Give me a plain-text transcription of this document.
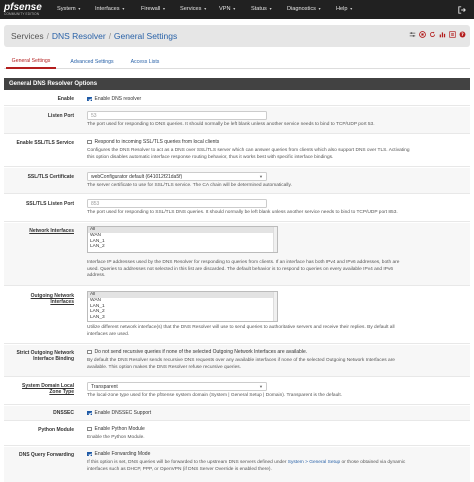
pfsense
COMMUNITY EDITION
System ▼ Interfaces ▼	Firewall ▼	Services ▼ VPN ▼	Status ▼	Diagnostics ▼	Help ▼
Services / DNS Resolver / General Settings	?
General Settings	Advanced Settings	Access Lists
General DNS Resolver Options
Enable	Enable DNS resolver
Listen Port	53
The port used for responding to DNS queries. It should normally be left blank unless another service needs to bind to TCP/UDP port 53.
Enable SSL/TLS Service	Respond to incoming SSL/TLS queries from local clients
Configures the DNS Resolver to act as a DNS over SSL/TLS server which can answer queries from clients which also support DNS over TLS. Activating
this option disables automatic interface response routing behavior, thus it works best with specific interface bindings.
SSL/TLS Certificate	webConfigurator default (641012f21da5f)	▼
The server certificate to use for SSL/TLS service. The CA chain will be determined automatically.
SSL/TLS Listen Port	853
The port used for responding to SSL/TLS DNS queries. It should normally be left blank unless another service needs to bind to TCP/UDP port 853.
Network Interfaces	All
WAN
LAN_1
LAN_2
Interface IP addresses used by the DNS Resolver for responding to queries from clients. If an interface has both IPv4 and IPv6 addresses, both are
used. Queries to addresses not selected in this list are discarded. The default behavior is to respond to queries on every available IPv4 and IPv6
address.
Outgoing Network
Interfaces
All
WAN
LAN_1
LAN_2
LAN_3
Utilize different network interface(s) that the DNS Resolver will use to send queries to authoritative servers and receive their replies. By default all
interfaces are used.
Strict Outgoing Network
Interface Binding
Do not send recursive queries if none of the selected Outgoing Network Interfaces are available.
By default the DNS Resolver sends recursive DNS requests over any available interfaces if none of the selected Outgoing Network Interfaces are
available. This option makes the DNS Resolver refuse recursive queries.
System Domain Local
Zone Type
Transparent	▼
The local-zone type used for the pfSense system domain (System | General Setup | Domain). Transparent is the default.
DNSSEC	Enable DNSSEC Support
Python Module	Enable Python Module
Enable the Python Module.
DNS Query Forwarding	Enable Forwarding Mode
If this option is set, DNS queries will be forwarded to the upstream DNS servers defined under System > General Setup or those obtained via dynamic
interfaces such as DHCP, PPP, or OpenVPN (if DNS Server Override is enabled there).
